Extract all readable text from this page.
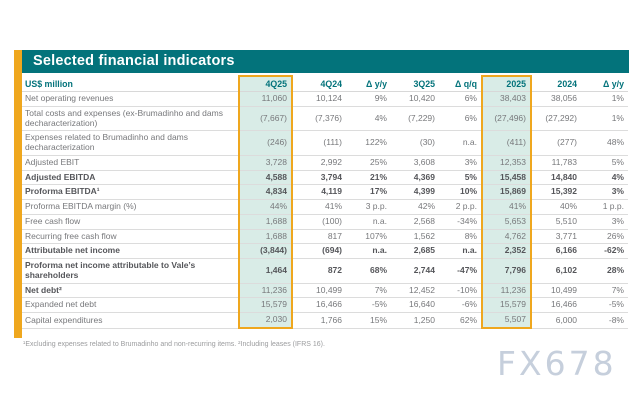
Selected financial indicators
US$ million	4Q25	4Q24	Δ y/y	3Q25	Δ q/q	2025	2024	Δ y/y
Net operating revenues	11,060	10,124	9%	10,420	6%	38,403	38,056	1%
Total costs and expenses (ex-Brumadinho and dams decharacterization)	(7,667)	(7,376)	4%	(7,229)	6%	(27,496)	(27,292)	1%
Expenses related to Brumadinho and dams decharacterization	(246)	(111)	122%	(30)	n.a.	(411)	(277)	48%
Adjusted EBIT	3,728	2,992	25%	3,608	3%	12,353	11,783	5%
Adjusted EBITDA	4,588	3,794	21%	4,369	5%	15,458	14,840	4%
Proforma EBITDA¹	4,834	4,119	17%	4,399	10%	15,869	15,392	3%
Proforma EBITDA margin (%)	44%	41%	3 p.p.	42%	2 p.p.	41%	40%	1 p.p.
Free cash flow	1,688	(100)	n.a.	2,568	-34%	5,653	5,510	3%
Recurring free cash flow	1,688	817	107%	1,562	8%	4,762	3,771	26%
Attributable net income	(3,844)	(694)	n.a.	2,685	n.a.	2,352	6,166	-62%
Proforma net income attributable to Vale’s shareholders	1,464	872	68%	2,744	-47%	7,796	6,102	28%
Net debt²	11,236	10,499	7%	12,452	-10%	11,236	10,499	7%
Expanded net debt	15,579	16,466	-5%	16,640	-6%	15,579	16,466	-5%
Capital expenditures	2,030	1,766	15%	1,250	62%	5,507	6,000	-8%
¹Excluding expenses related to Brumadinho and non-recurring items. ²Including leases (IFRS 16).	FX678
